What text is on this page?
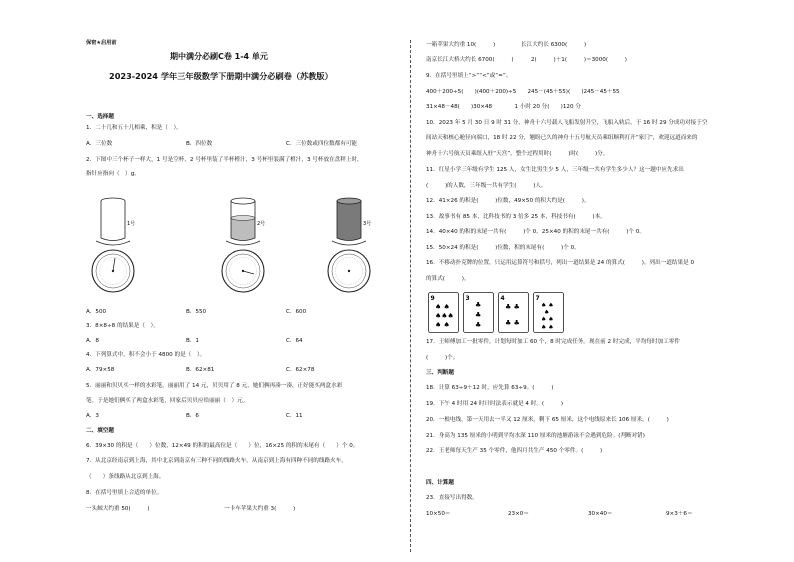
保密★启用前
期中满分必刷C卷 1-4 单元
2023-2024 学年三年级数学下册期中满分必刷卷（苏教版）
一、选择题
1．二十几和五十几相乘，积是（　）。
A．三位数	B．四位数	C．三位数或四位数都有可能
2．下图中三个杯子一样大，1 号是空杯，2 号杯里装了半杯橙汁，3 号杯里装满了橙汁，3 号杯放在盘秤上时，
指针应指向（　）g。
1号	2号	3号
A．500	B．550	C．600
3．8×8÷8 的结果是（　）。
A．8	B．1	C．64
4．下列算式中，积不会小于 4800 的是（　）。
A．79×58	B．62×81	C．62×78
5．丽丽和贝贝买一样的水彩笔。丽丽用了 14 元，贝贝用了 8 元，她们俩再凑一凑，正好能买两盒水彩
笔。于是她们俩买了两盒水彩笔，回家后贝贝应给丽丽（　）元。
A．3	B．6	C．11
二、填空题
6．39×30 的积是（　　）位数，12×49 的积的最高位是（　　）位，16×25 的积的末尾有（　　）个 0。
7．从北京经南京到上海，其中北京到南京有三种不同的线路火车，从南京到上海有四种不同的线路火车。
（　　）条线路从北京到上海。
8．在括号里填上合适的单位。
一头鲸大约重 50(　　　)	一卡车苹果大约重 3(　　　)
一箱苹果大约重 10(　　　)	长江大约长 6300(　　　)
南京长江大桥大约长 6700(　　　)	2(　　　)＋1(　　　)＝3000(　　　)
9．在括号里填上“>”“<”或“=”。
400＋200÷5(　　)(400＋200)÷5　　245－(45＋55)(　　)245－45＋55
31×48－48(　　)30×48　　　　1 小时 20 分(　　)120 分
10．2023 年 5 月 30 日 9 时 31 分，神舟十六号载人飞船发射升空，飞船入轨后，于 16 时 29 分成功对接于空
间站天和核心舱径向端口，18 时 22 分，翘盼已久的神舟十五号航天员乘组顺利打开“家门”，欢迎远道而来的
神舟十六号航天员乘组入驻“天宫”，整个过程用时(　　　)时(　　　)分。
11．红星小学三年级有学生 125 人，女生比男生少 5 人，三年级一共有学生多少人？这一题中应先求出
(　　　)的人数，三年级一共有学生(　　　)人。
12．41×26 的积是(　　　)位数，49×50 的积大约是(　　　)。
13．故事书有 85 本，比科技书的 3 倍多 25 本，科技书有(　　　)本。
14．40×40 的积的末尾一共有(　　　)个 0，25×40 的积的末尾一共有(　　　)个 0。
15．50×24 的积是(　　　)位数，积的末尾有(　　　)个 0。
16．不移动扑克牌的位置，只运用运算符号和括号，列出一道结果是 24 的算式(　　　)，列出一道结果是 0
的算式(　　　)。
9
♠ ♠
♠♠♠
♠ ♠
3
♣
♣
♣
4
♣ ♣
♣ ♣
7
♠ ♠
♠
♠ ♠
♠ ♠
17．王师傅加工一批零件，计划每时加工 60 个，8 时完成任务。现在前 2 时完成，平均每时加工零件
(　　　)个。
三、判断题
18．计算 63÷9＋12 时，应先算 63÷9。(　　　)
19．下午 4 时用 24 时计时法表示就是 4 时。(　　　)
20．一根电线，第一天用去一半又 12 厘米，剩下 65 厘米，这个电线原来长 106 厘米。(　　　)
21．身高为 135 厘米的小明到平均水深 110 厘米的池塘游泳不会遇到危险。(判断对错)
22．王老师每天生产 35 个零件，他四月共生产 450 个零件。(　　　)
四、计算题
23．直接写出得数。
10×50＝	23×0＝	30×40＝	9×3＋6＝
